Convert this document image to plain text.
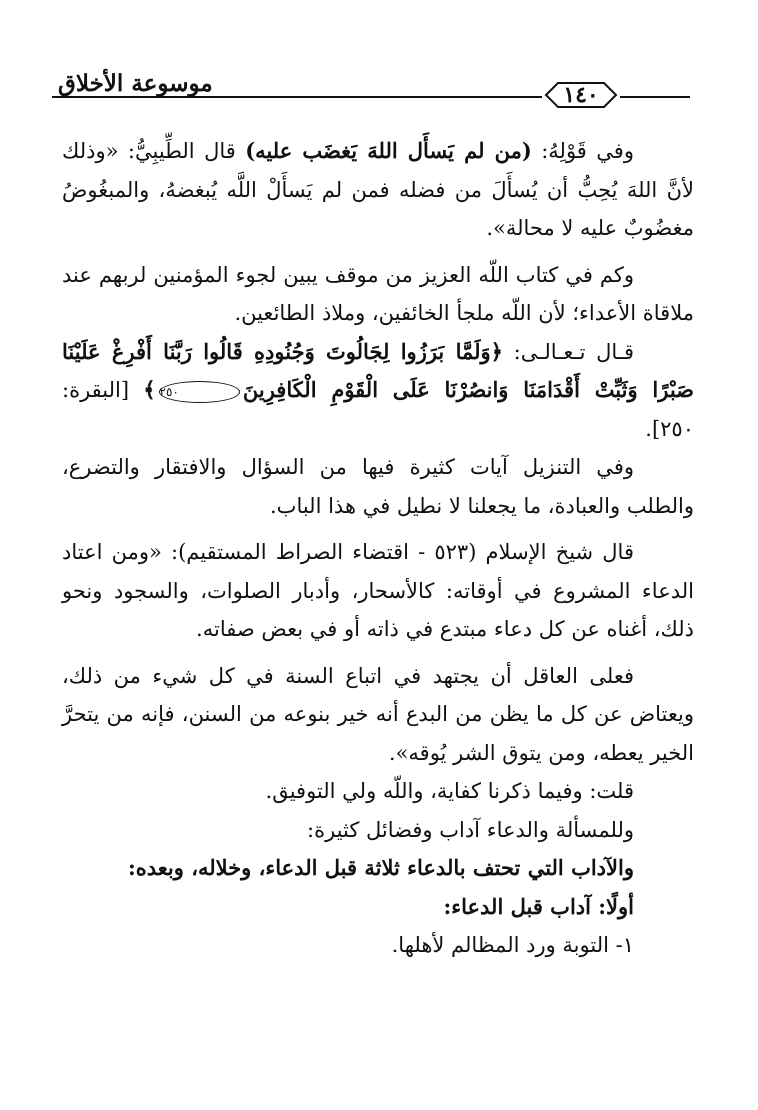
١٤٠
موسوعة الأخلاق

وفي قَوْلِهُ: (من لم يَسأَل اللهَ يَغضَب عليه) قال الطِّيبِيُّ: «وذلك لأنَّ اللهَ يُحِبُّ أن يُسأَلَ من فضله فمن لم يَسأَلْ اللَّه يُبغضهُ، والمبغُوضُ مغضُوبٌ عليه لا محالة».

وكم في كتاب اللّه العزيز من موقف يبين لجوء المؤمنين لربهم عند ملاقاة الأعداء؛ لأن اللّه ملجأ الخائفين، وملاذ الطائعين.

قـال تـعـالـى: ﴿وَلَمَّا بَرَزُوا لِجَالُوتَ وَجُنُودِهِ قَالُوا رَبَّنَا أَفْرِغْ عَلَيْنَا صَبْرًا وَثَبِّتْ أَقْدَامَنَا وَانصُرْنَا عَلَى الْقَوْمِ الْكَافِرِينَ٢٥٠﴾ [البقرة: ٢٥٠].

وفي التنزيل آيات كثيرة فيها من السؤال والافتقار والتضرع، والطلب والعبادة، ما يجعلنا لا نطيل في هذا الباب.

قال شيخ الإسلام (٥٢٣ - اقتضاء الصراط المستقيم): «ومن اعتاد الدعاء المشروع في أوقاته: كالأسحار، وأدبار الصلوات، والسجود ونحو ذلك، أغناه عن كل دعاء مبتدع في ذاته أو في بعض صفاته.

فعلى العاقل أن يجتهد في اتباع السنة في كل شيء من ذلك، ويعتاض عن كل ما يظن من البدع أنه خير بنوعه من السنن، فإنه من يتحرَّ الخير يعطه، ومن يتوق الشر يُوقه».

قلت: وفيما ذكرنا كفاية، واللّه ولي التوفيق.

وللمسألة والدعاء آداب وفضائل كثيرة:

والآداب التي تحتف بالدعاء ثلاثة قبل الدعاء، وخلاله، وبعده:

أولًا: آداب قبل الدعاء:

١- التوبة ورد المظالم لأهلها.
